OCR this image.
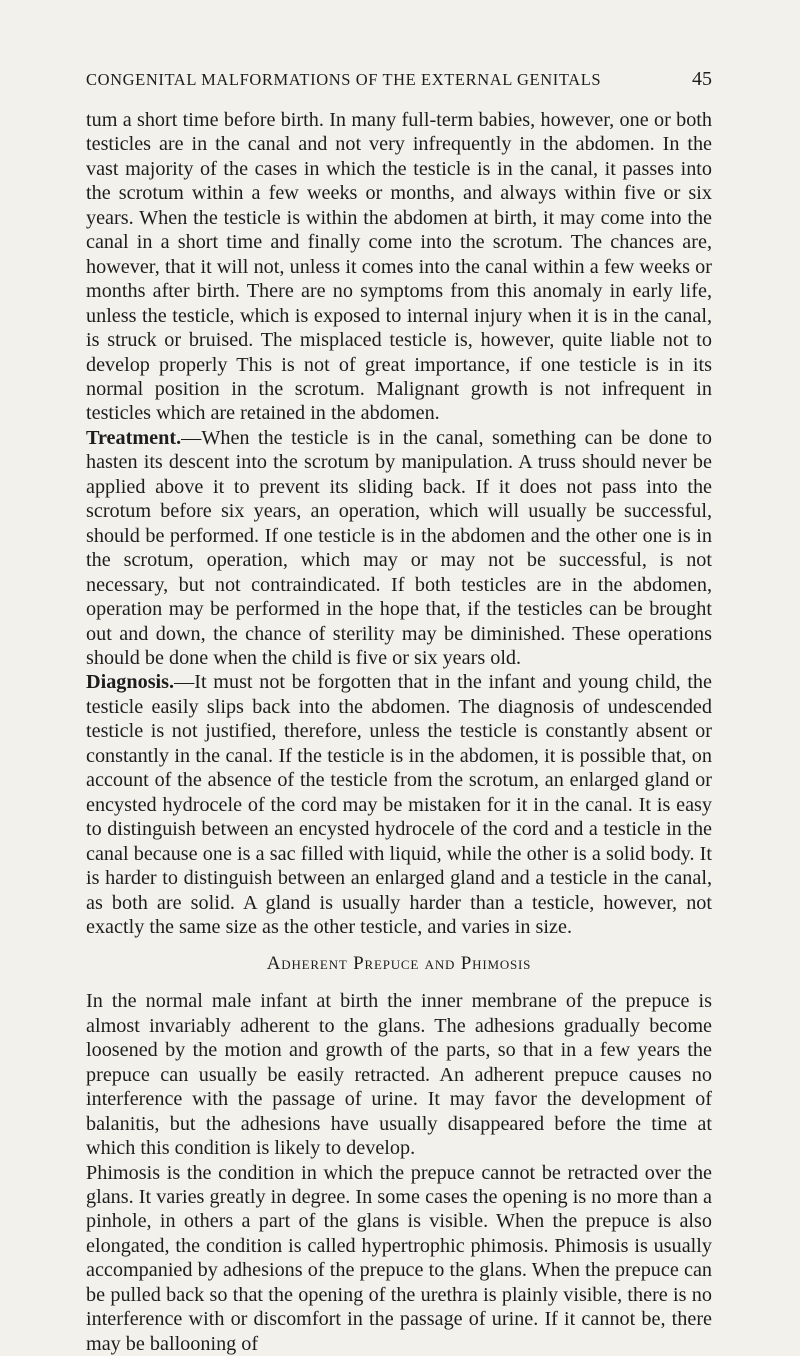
CONGENITAL MALFORMATIONS OF THE EXTERNAL GENITALS	45

tum a short time before birth. In many full-term babies, however, one or both testicles are in the canal and not very infrequently in the abdomen. In the vast majority of the cases in which the testicle is in the canal, it passes into the scrotum within a few weeks or months, and always within five or six years. When the testicle is within the abdomen at birth, it may come into the canal in a short time and finally come into the scrotum. The chances are, however, that it will not, unless it comes into the canal within a few weeks or months after birth. There are no symptoms from this anomaly in early life, unless the testicle, which is exposed to internal injury when it is in the canal, is struck or bruised. The misplaced testicle is, however, quite liable not to develop properly This is not of great importance, if one testicle is in its normal position in the scrotum. Malignant growth is not infrequent in testicles which are retained in the abdomen.

Treatment.—When the testicle is in the canal, something can be done to hasten its descent into the scrotum by manipulation. A truss should never be applied above it to prevent its sliding back. If it does not pass into the scrotum before six years, an operation, which will usually be successful, should be performed. If one testicle is in the abdomen and the other one is in the scrotum, operation, which may or may not be successful, is not necessary, but not contraindicated. If both testicles are in the abdomen, operation may be performed in the hope that, if the testicles can be brought out and down, the chance of sterility may be diminished. These operations should be done when the child is five or six years old.

Diagnosis.—It must not be forgotten that in the infant and young child, the testicle easily slips back into the abdomen. The diagnosis of undescended testicle is not justified, therefore, unless the testicle is constantly absent or constantly in the canal. If the testicle is in the abdomen, it is possible that, on account of the absence of the testicle from the scrotum, an enlarged gland or encysted hydrocele of the cord may be mistaken for it in the canal. It is easy to distinguish between an encysted hydrocele of the cord and a testicle in the canal because one is a sac filled with liquid, while the other is a solid body. It is harder to distinguish between an enlarged gland and a testicle in the canal, as both are solid. A gland is usually harder than a testicle, however, not exactly the same size as the other testicle, and varies in size.

Adherent Prepuce and Phimosis

In the normal male infant at birth the inner membrane of the prepuce is almost invariably adherent to the glans. The adhesions gradually become loosened by the motion and growth of the parts, so that in a few years the prepuce can usually be easily retracted. An adherent prepuce causes no interference with the passage of urine. It may favor the development of balanitis, but the adhesions have usually disappeared before the time at which this condition is likely to develop.

Phimosis is the condition in which the prepuce cannot be retracted over the glans. It varies greatly in degree. In some cases the opening is no more than a pinhole, in others a part of the glans is visible. When the prepuce is also elongated, the condition is called hypertrophic phimosis. Phimosis is usually accompanied by adhesions of the prepuce to the glans. When the prepuce can be pulled back so that the opening of the urethra is plainly visible, there is no interference with or discomfort in the passage of urine. If it cannot be, there may be ballooning of
